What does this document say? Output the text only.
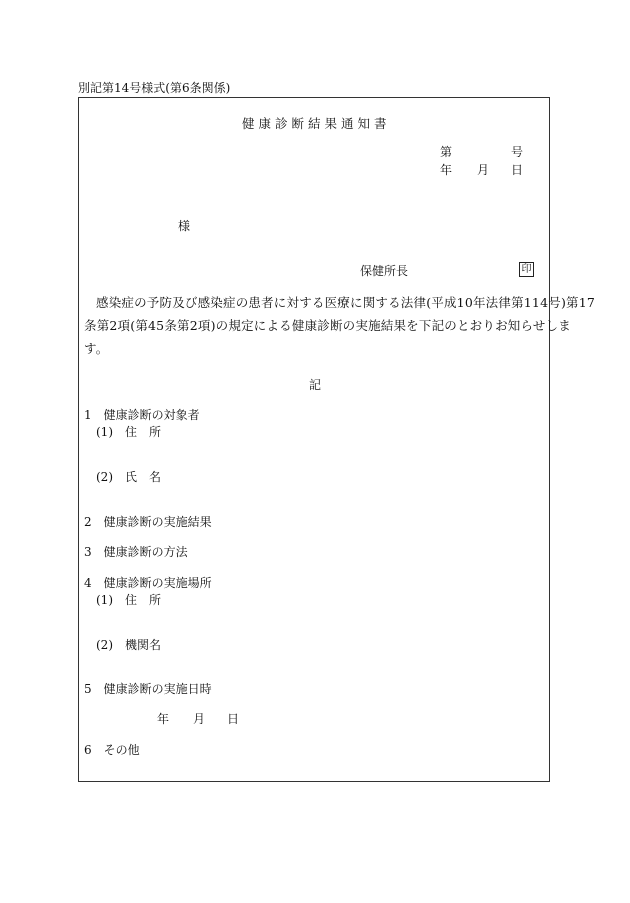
別記第14号様式(第6条関係)
健康診断結果通知書
第	号
年 月 日
様
保健所長	印
感染症の予防及び感染症の患者に対する医療に関する法律(平成10年法律第114号)第17
条第2項(第45条第2項)の規定による健康診断の実施結果を下記のとおりお知らせしま
す。
記
1　健康診断の対象者
(1)　住　所
(2)　氏　名
2　健康診断の実施結果
3　健康診断の方法
4　健康診断の実施場所
(1)　住　所
(2)　機関名
5　健康診断の実施日時
年 月 日
6　その他
